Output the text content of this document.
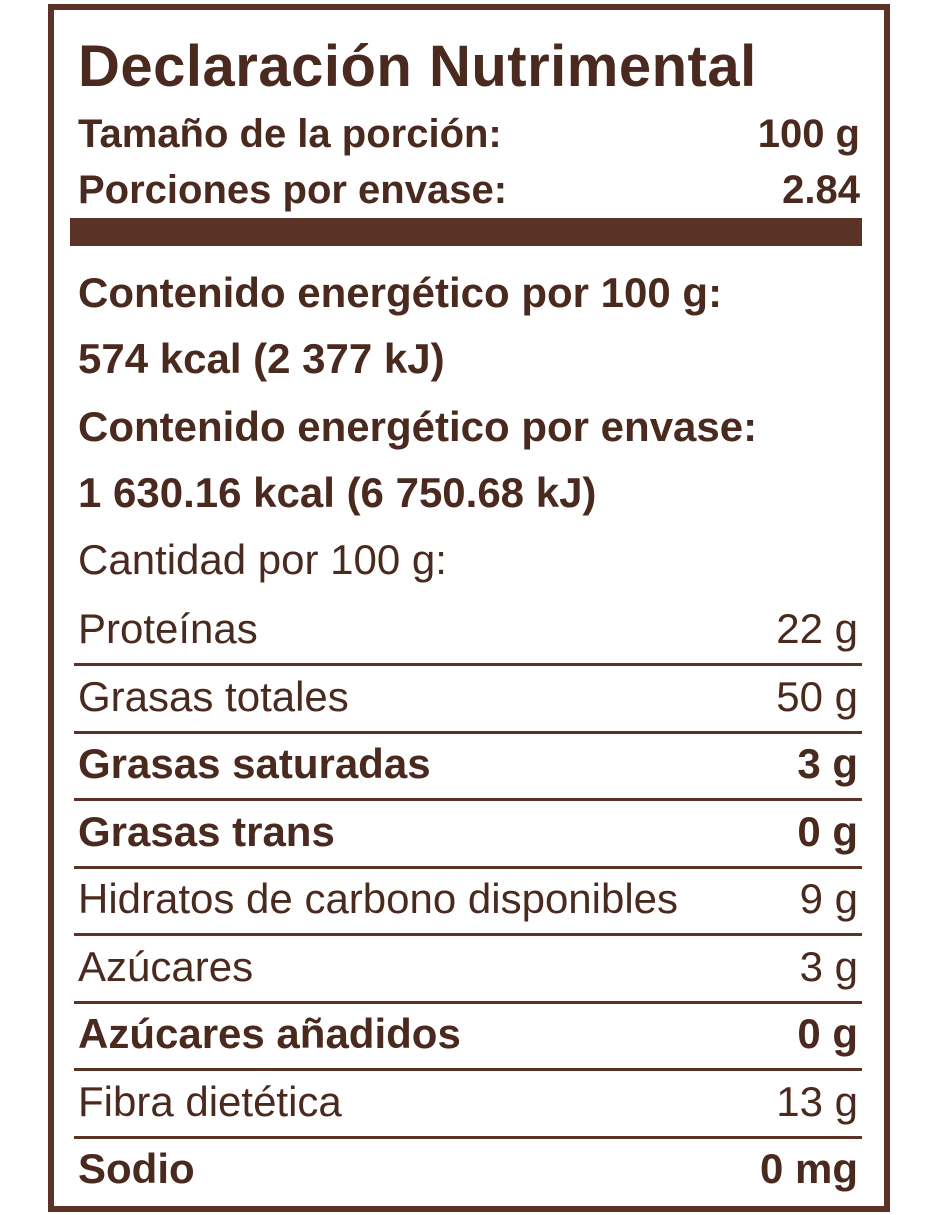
Declaración Nutrimental
Tamaño de la porción:	100 g
Porciones por envase:	2.84
Contenido energético por 100 g:
574 kcal (2 377 kJ)
Contenido energético por envase:
1 630.16 kcal (6 750.68 kJ)
Cantidad por 100 g:
Proteínas	22 g
Grasas totales	50 g
Grasas saturadas	3 g
Grasas trans	0 g
Hidratos de carbono disponibles	9 g
Azúcares	3 g
Azúcares añadidos	0 g
Fibra dietética	13 g
Sodio	0 mg
